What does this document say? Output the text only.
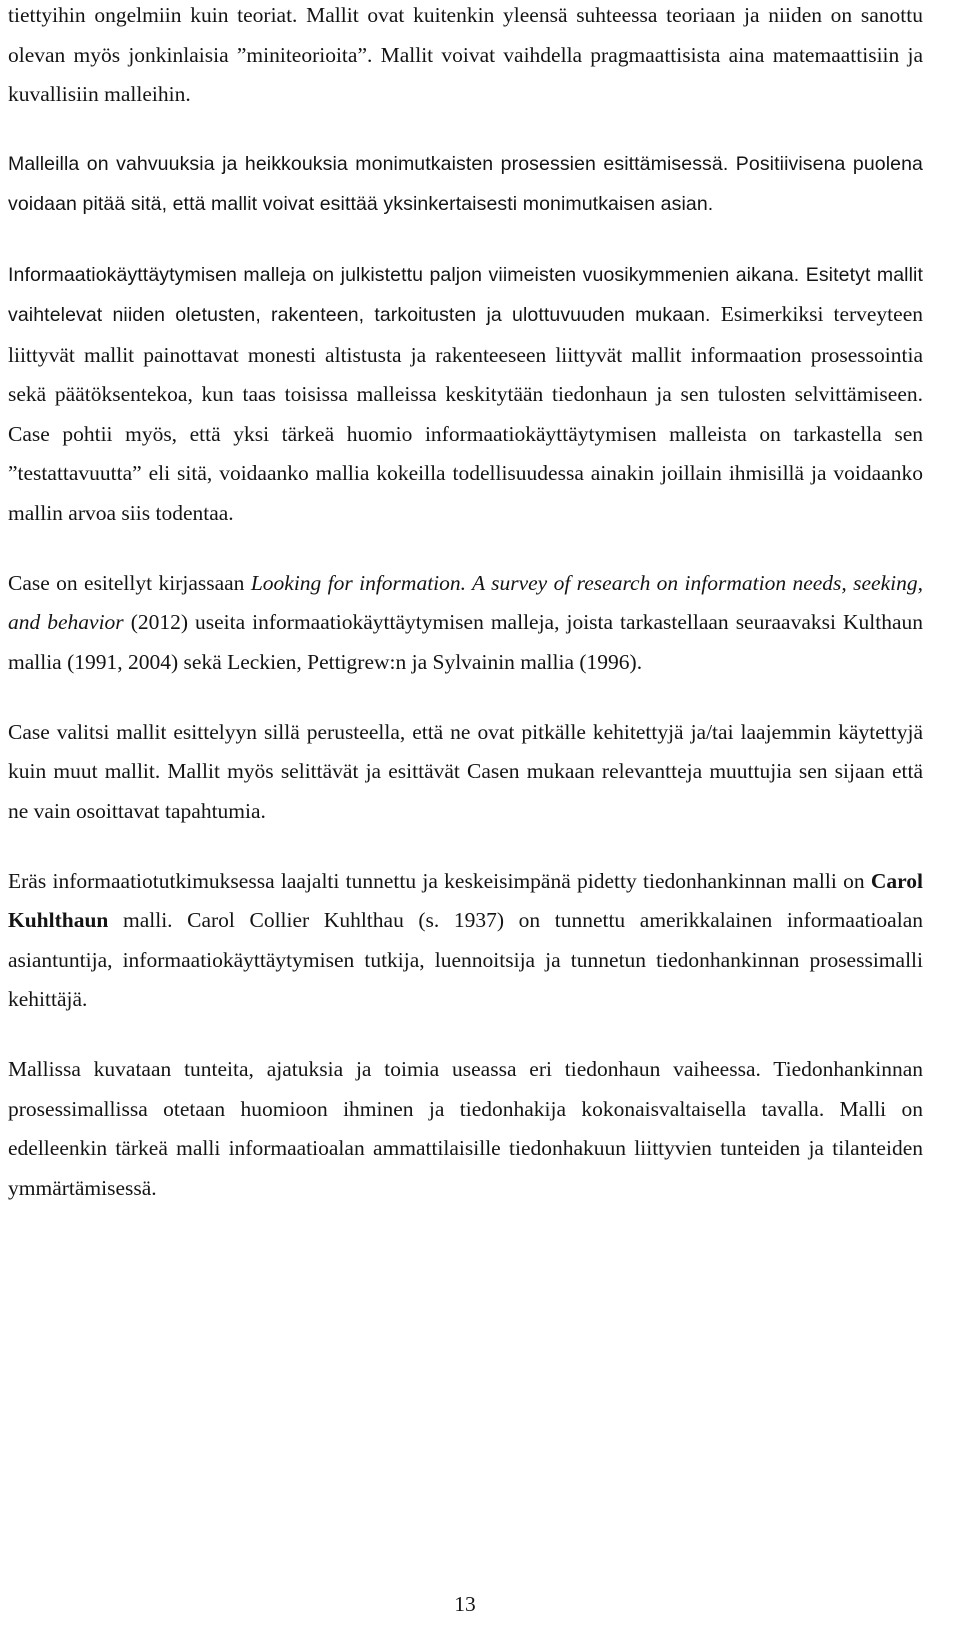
tiettyihin ongelmiin kuin teoriat. Mallit ovat kuitenkin yleensä suhteessa teoriaan ja niiden on sanottu olevan myös jonkinlaisia ”miniteorioita”. Mallit voivat vaihdella pragmaattisista aina matemaattisiin ja kuvallisiin malleihin.

Malleilla on vahvuuksia ja heikkouksia monimutkaisten prosessien esittämisessä. Positiivisena puolena voidaan pitää sitä, että mallit voivat esittää yksinkertaisesti monimutkaisen asian.

Informaatiokäyttäytymisen malleja on julkistettu paljon viimeisten vuosikymmenien aikana. Esitetyt mallit vaihtelevat niiden oletusten, rakenteen, tarkoitusten ja ulottuvuuden mukaan. Esimerkiksi terveyteen liittyvät mallit painottavat monesti altistusta ja rakenteeseen liittyvät mallit informaation prosessointia sekä päätöksentekoa, kun taas toisissa malleissa keskitytään tiedonhaun ja sen tulosten selvittämiseen. Case pohtii myös, että yksi tärkeä huomio informaatiokäyttäytymisen malleista on tarkastella sen ”testattavuutta” eli sitä, voidaanko mallia kokeilla todellisuudessa ainakin joillain ihmisillä ja voidaanko mallin arvoa siis todentaa.

Case on esitellyt kirjassaan Looking for information. A survey of research on information needs, seeking, and behavior (2012) useita informaatiokäyttäytymisen malleja, joista tarkastellaan seuraavaksi Kulthaun mallia (1991, 2004) sekä Leckien, Pettigrew:n ja Sylvainin mallia (1996).

Case valitsi mallit esittelyyn sillä perusteella, että ne ovat pitkälle kehitettyjä ja/tai laajemmin käytettyjä kuin muut mallit. Mallit myös selittävät ja esittävät Casen mukaan relevantteja muuttujia sen sijaan että ne vain osoittavat tapahtumia.

Eräs informaatiotutkimuksessa laajalti tunnettu ja keskeisimpänä pidetty tiedonhankinnan malli on Carol Kuhlthaun malli. Carol Collier Kuhlthau (s. 1937) on tunnettu amerikkalainen informaatioalan asiantuntija, informaatiokäyttäytymisen tutkija, luennoitsija ja tunnetun tiedonhankinnan prosessimalli kehittäjä.

Mallissa kuvataan tunteita, ajatuksia ja toimia useassa eri tiedonhaun vaiheessa. Tiedonhankinnan prosessimallissa otetaan huomioon ihminen ja tiedonhakija kokonaisvaltaisella tavalla. Malli on edelleenkin tärkeä malli informaatioalan ammattilaisille tiedonhakuun liittyvien tunteiden ja tilanteiden ymmärtämisessä.

13
